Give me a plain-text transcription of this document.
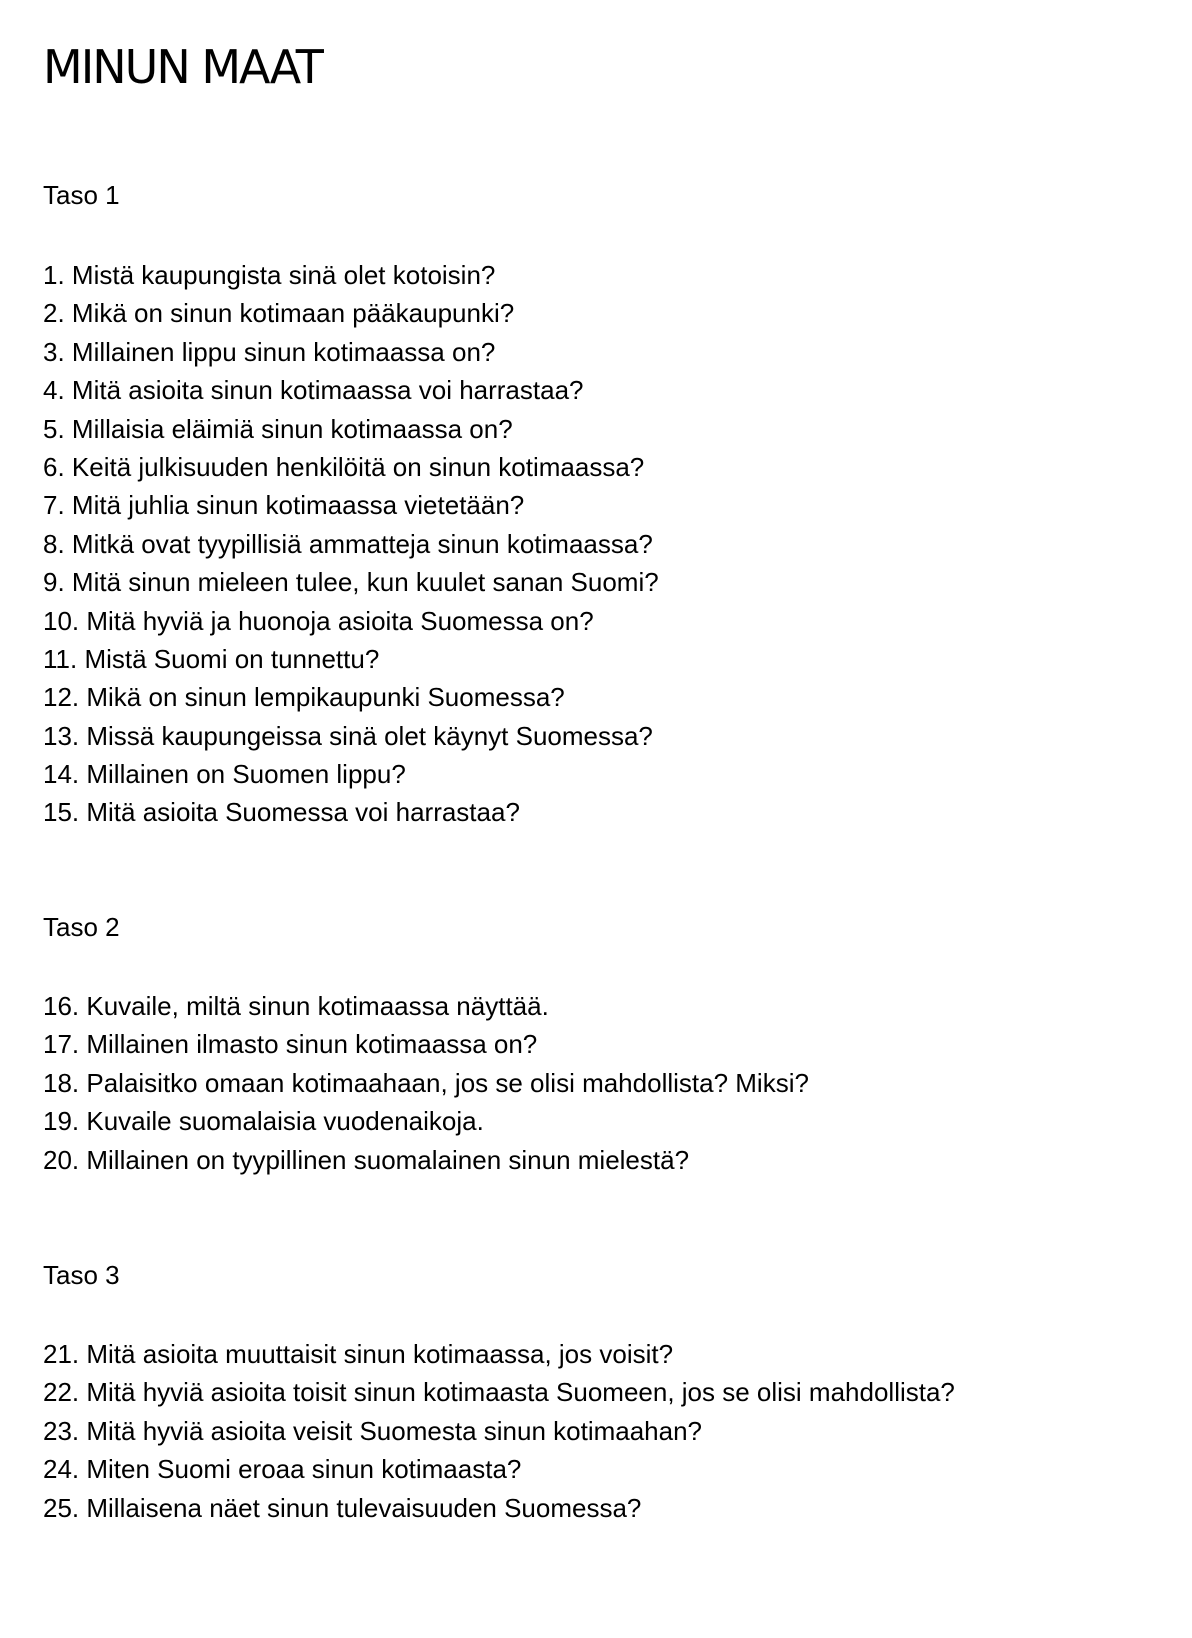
MINUN MAAT
Taso 1
1. Mistä kaupungista sinä olet kotoisin?
2. Mikä on sinun kotimaan pääkaupunki?
3. Millainen lippu sinun kotimaassa on?
4. Mitä asioita sinun kotimaassa voi harrastaa?
5. Millaisia eläimiä sinun kotimaassa on?
6. Keitä julkisuuden henkilöitä on sinun kotimaassa?
7. Mitä juhlia sinun kotimaassa vietetään?
8. Mitkä ovat tyypillisiä ammatteja sinun kotimaassa?
9. Mitä sinun mieleen tulee, kun kuulet sanan Suomi?
10. Mitä hyviä ja huonoja asioita Suomessa on?
11. Mistä Suomi on tunnettu?
12. Mikä on sinun lempikaupunki Suomessa?
13. Missä kaupungeissa sinä olet käynyt Suomessa?
14. Millainen on Suomen lippu?
15. Mitä asioita Suomessa voi harrastaa?
Taso 2
16. Kuvaile, miltä sinun kotimaassa näyttää.
17. Millainen ilmasto sinun kotimaassa on?
18. Palaisitko omaan kotimaahaan, jos se olisi mahdollista? Miksi?
19. Kuvaile suomalaisia vuodenaikoja.
20. Millainen on tyypillinen suomalainen sinun mielestä?
Taso 3
21. Mitä asioita muuttaisit sinun kotimaassa, jos voisit?
22. Mitä hyviä asioita toisit sinun kotimaasta Suomeen, jos se olisi mahdollista?
23. Mitä hyviä asioita veisit Suomesta sinun kotimaahan?
24. Miten Suomi eroaa sinun kotimaasta?
25. Millaisena näet sinun tulevaisuuden Suomessa?
